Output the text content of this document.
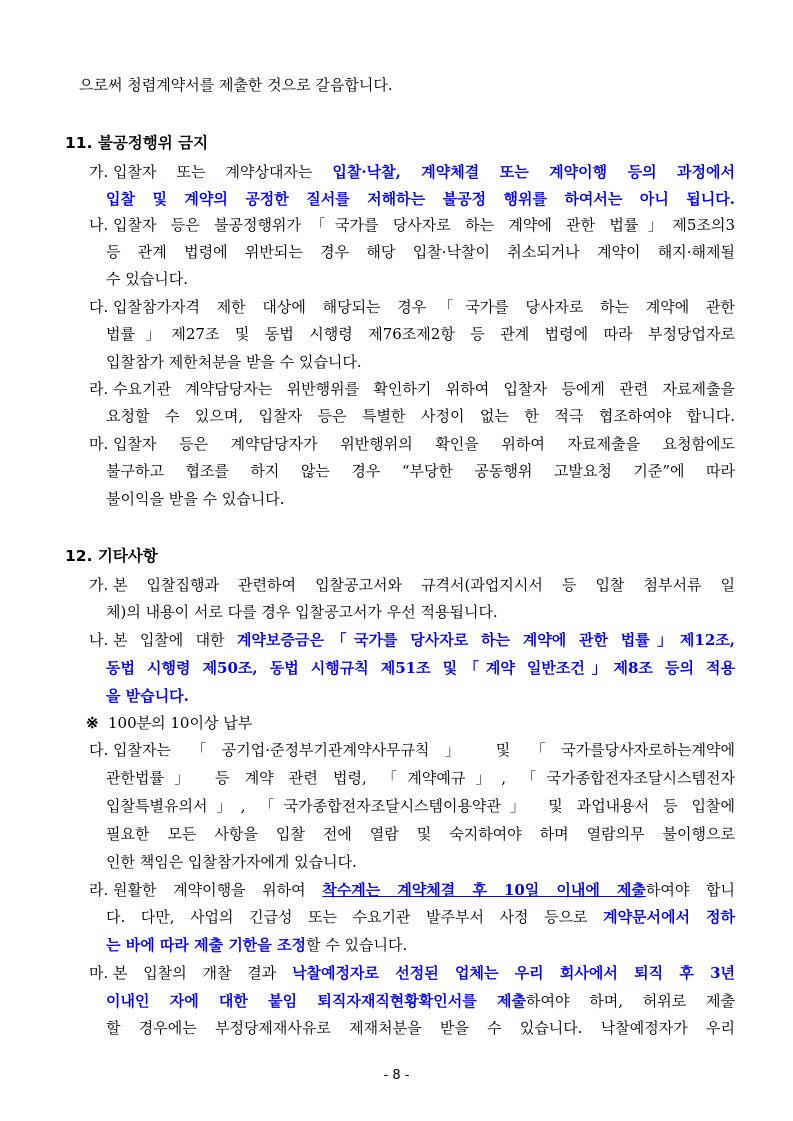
으로써 청렴계약서를 제출한 것으로 갈음합니다.
11. 불공정행위 금지
가. 입찰자 또는 계약상대자는 입찰·낙찰, 계약체결 또는 계약이행 등의 과정에서
입찰 및 계약의 공정한 질서를 저해하는 불공정 행위를 하여서는 아니 됩니다.
나. 입찰자 등은 불공정행위가「국가를 당사자로 하는 계약에 관한 법률」제5조의3
등 관계 법령에 위반되는 경우 해당 입찰·낙찰이 취소되거나 계약이 해지·해제될
수 있습니다.
다. 입찰참가자격 제한 대상에 해당되는 경우「국가를 당사자로 하는 계약에 관한
법률」제27조 및 동법 시행령 제76조제2항 등 관계 법령에 따라 부정당업자로
입찰참가 제한처분을 받을 수 있습니다.
라. 수요기관 계약담당자는 위반행위를 확인하기 위하여 입찰자 등에게 관련 자료제출을
요청할 수 있으며, 입찰자 등은 특별한 사정이 없는 한 적극 협조하여야 합니다.
마. 입찰자 등은 계약담당자가 위반행위의 확인을 위하여 자료제출을 요청함에도
불구하고 협조를 하지 않는 경우 “부당한 공동행위 고발요청 기준”에 따라
불이익을 받을 수 있습니다.
12. 기타사항
가. 본 입찰집행과 관련하여 입찰공고서와 규격서(과업지시서 등 입찰 첨부서류 일
체)의 내용이 서로 다를 경우 입찰공고서가 우선 적용됩니다.
나. 본 입찰에 대한 계약보증금은「국가를 당사자로 하는 계약에 관한 법률」제12조,
동법 시행령 제50조, 동법 시행규칙 제51조 및「계약 일반조건」제8조 등의 적용
을 받습니다.
※ 100분의 10이상 납부
다. 입찰자는 「공기업·준정부기관계약사무규칙」 및 「국가를당사자로하는계약에
관한법률」 등 계약 관련 법령, 「계약예규」, 「국가종합전자조달시스템전자
입찰특별유의서」, 「국가종합전자조달시스템이용약관」 및 과업내용서 등 입찰에
필요한 모든 사항을 입찰 전에 열람 및 숙지하여야 하며 열람의무 불이행으로
인한 책임은 입찰참가자에게 있습니다.
라. 원활한 계약이행을 위하여 착수계는 계약체결 후 10일 이내에 제출하여야 합니
다. 다만, 사업의 긴급성 또는 수요기관 발주부서 사정 등으로 계약문서에서 정하
는 바에 따라 제출 기한을 조정할 수 있습니다.
마. 본 입찰의 개찰 결과 낙찰예정자로 선정된 업체는 우리 회사에서 퇴직 후 3년
이내인 자에 대한 붙임 퇴직자재직현황확인서를 제출하여야 하며, 허위로 제출
할 경우에는 부정당제재사유로 제재처분을 받을 수 있습니다. 낙찰예정자가 우리
- 8 -
